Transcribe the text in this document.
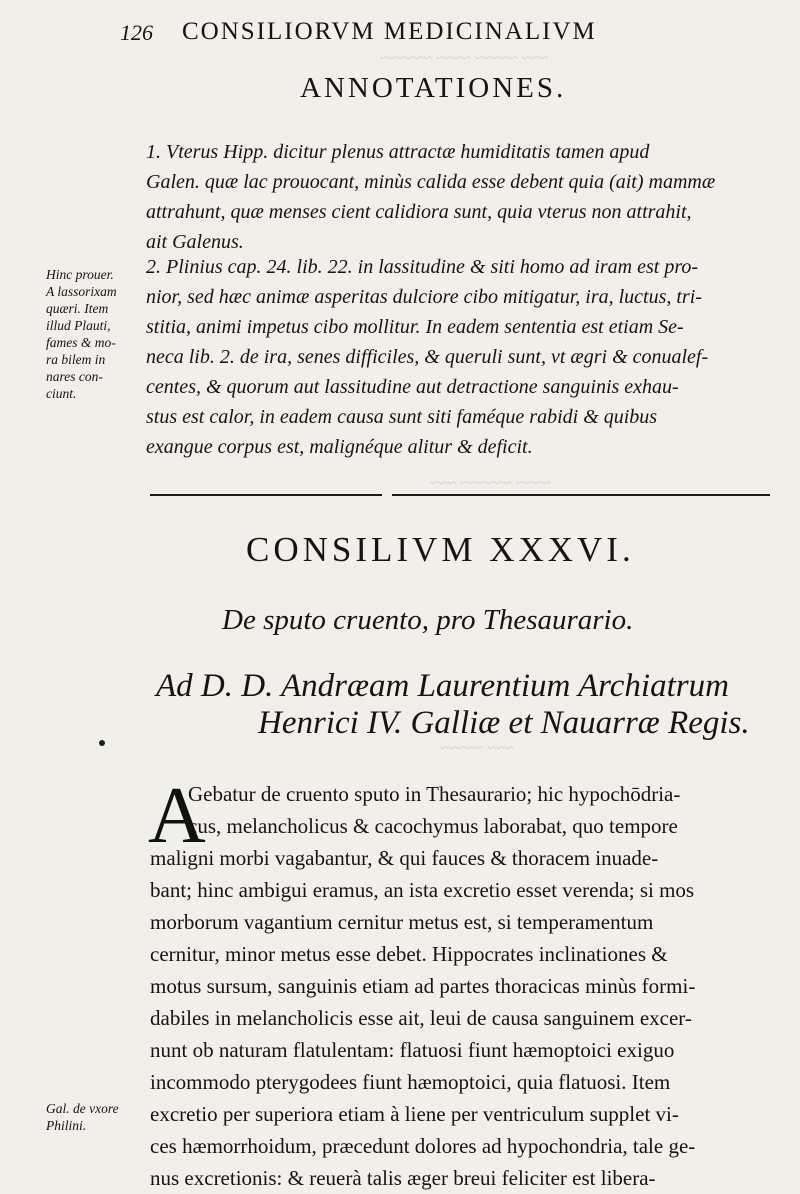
~~~ ~~~~~ ~~~~ ~~~~~~
~~~~ ~~~~~~ ~~~
~~~ ~~~~~
126 CONSILIORVM MEDICINALIVM
ANNOTATIONES.
1. Vterus Hipp. dicitur plenus attractæ humiditatis tamen apud
Galen. quæ lac prouocant, minùs calida esse debent quia (ait) mammæ
attrahunt, quæ menses cient calidiora sunt, quia vterus non attrahit,
ait Galenus.
2. Plinius cap. 24. lib. 22. in lassitudine & siti homo ad iram est pro-
nior, sed hæc animæ asperitas dulciore cibo mitigatur, ira, luctus, tri-
stitia, animi impetus cibo mollitur. In eadem sententia est etiam Se-
neca lib. 2. de ira, senes difficiles, & queruli sunt, vt ægri & conualef-
centes, & quorum aut lassitudine aut detractione sanguinis exhau-
stus est calor, in eadem causa sunt siti faméque rabidi & quibus
exangue corpus est, malignéque alitur & deficit.
Hinc prouer.
A lassorixam
quæri. Item
illud Plauti,
fames & mo-
ra bilem in
nares con-
ciunt.
CONSILIVM XXXVI.
De sputo cruento, pro Thesaurario.
Ad D. D. Andræam Laurentium Archiatrum
Henrici IV. Galliæ et Nauarræ Regis.
A
Gebatur de cruento sputo in Thesaurario; hic hypochōdria-
cus, melancholicus & cacochymus laborabat, quo tempore
maligni morbi vagabantur, & qui fauces & thoracem inuade-
bant; hinc ambigui eramus, an ista excretio esset verenda; si mos
morborum vagantium cernitur metus est, si temperamentum
cernitur, minor metus esse debet. Hippocrates inclinationes &
motus sursum, sanguinis etiam ad partes thoracicas minùs formi-
dabiles in melancholicis esse ait, leui de causa sanguinem excer-
nunt ob naturam flatulentam: flatuosi fiunt hæmoptoici exiguo
incommodo pterygodees fiunt hæmoptoici, quia flatuosi. Item
excretio per superiora etiam à liene per ventriculum supplet vi-
ces hæmorrhoidum, præcedunt dolores ad hypochondria, tale ge-
nus excretionis: & reuerà talis æger breui feliciter est libera-
Gal. de vxore
Philini.
